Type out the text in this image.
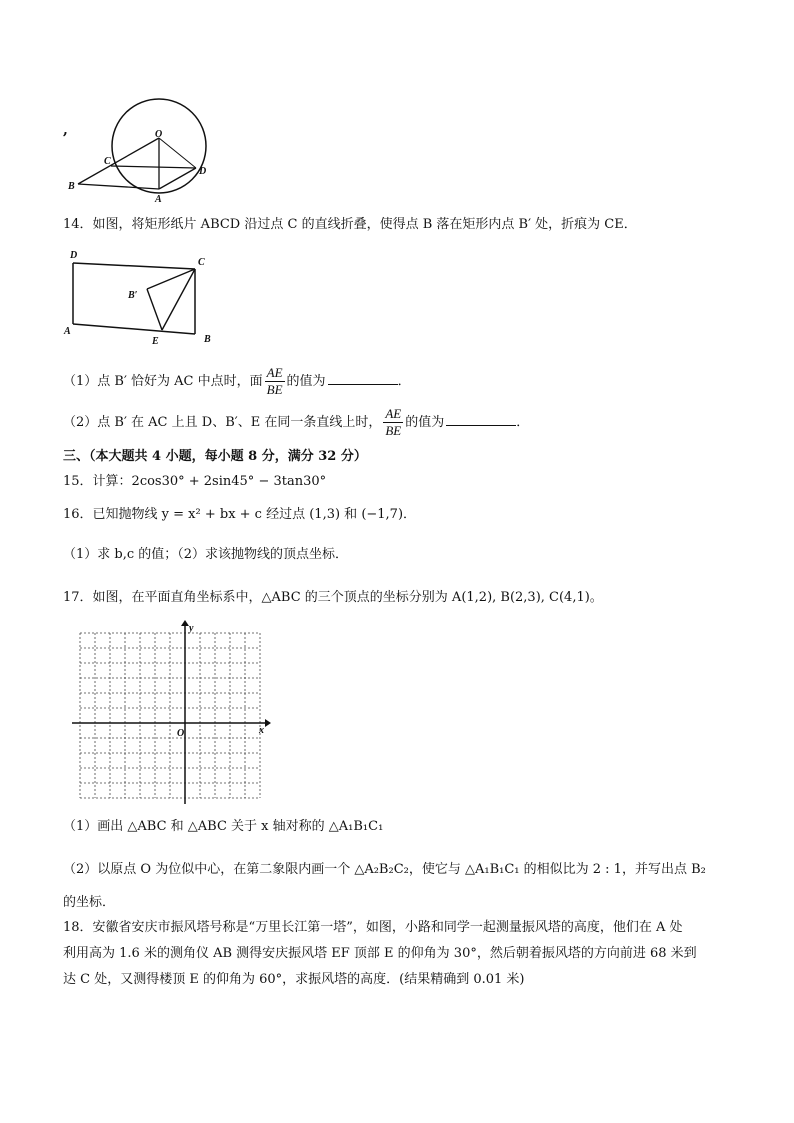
,	O
C
D
B
A
14．如图，将矩形纸片 ABCD 沿过点 C 的直线折叠，使得点 B 落在矩形内点 B′ 处，折痕为 CE．
D
C
B′
A
E	B
（1）点 B′ 恰好为 AC 中点时，面 $\frac{AE}{BE}$ 的值为	．
（2）点 B′ 在 AC 上且 D、B′、E 在同一条直线上时， $\frac{AE}{BE}$ 的值为	．
三、（本大题共 4 小题，每小题 8 分，满分 32 分）
15．计算：2cos30° + 2sin45° − 3tan30°
16．已知抛物线 y = x² + bx + c 经过点 (1,3) 和 (−1,7)．
（1）求 b,c 的值；（2）求该抛物线的顶点坐标．
17．如图，在平面直角坐标系中，△ABC 的三个顶点的坐标分别为 A(1,2), B(2,3), C(4,1)。
y
x
O
（1）画出 △ABC 和 △ABC 关于 x 轴对称的 △A₁B₁C₁
（2）以原点 O 为位似中心，在第二象限内画一个 △A₂B₂C₂，使它与 △A₁B₁C₁ 的相似比为 2 : 1，并写出点 B₂
的坐标．
18．安徽省安庆市振风塔号称是“万里长江第一塔”，如图，小路和同学一起测量振风塔的高度，他们在 A 处
利用高为 1.6 米的测角仪 AB 测得安庆振风塔 EF 顶部 E 的仰角为 30°，然后朝着振风塔的方向前进 68 米到
达 C 处，又测得楼顶 E 的仰角为 60°，求振风塔的高度．(结果精确到 0.01 米)
